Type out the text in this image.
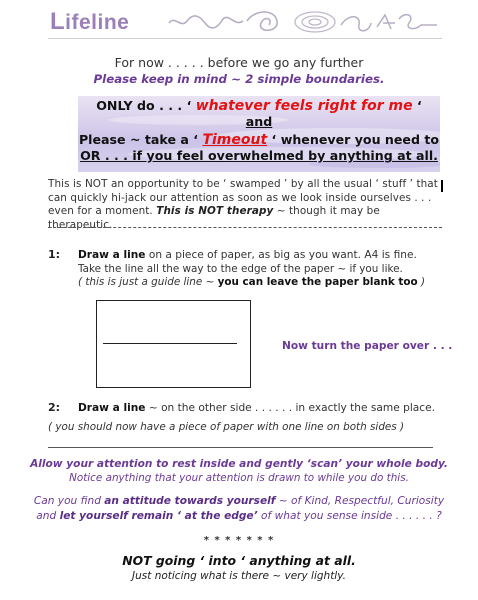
Lifeline
For now . . . . . before we go any further
Please keep in mind ~ 2 simple boundaries.
ONLY do . . . ‘ whatever feels right for me ‘
and
Please ~ take a ‘ Timeout ‘ whenever you need to
OR . . . if you feel overwhelmed by anything at all.
This is NOT an opportunity to be ‘ swamped ’ by all the usual ‘ stuff ’ that can quickly hi-jack our attention as soon as we look inside ourselves . . . even for a moment. This is NOT therapy ~ though it may be therapeutic.
1: Draw a line on a piece of paper, as big as you want. A4 is fine.
Take the line all the way to the edge of the paper ~ if you like.
( this is just a guide line ~ you can leave the paper blank too )
Now turn the paper over . . .
2: Draw a line ~ on the other side . . . . . . in exactly the same place.
( you should now have a piece of paper with one line on both sides )
Allow your attention to rest inside and gently ‘scan’ your whole body.
Notice anything that your attention is drawn to while you do this.
Can you find an attitude towards yourself ~ of Kind, Respectful, Curiosity
and let yourself remain ‘ at the edge’ of what you sense inside . . . . . . ?
* * * * * * *
NOT going ‘ into ‘ anything at all.
Just noticing what is there ~ very lightly.
